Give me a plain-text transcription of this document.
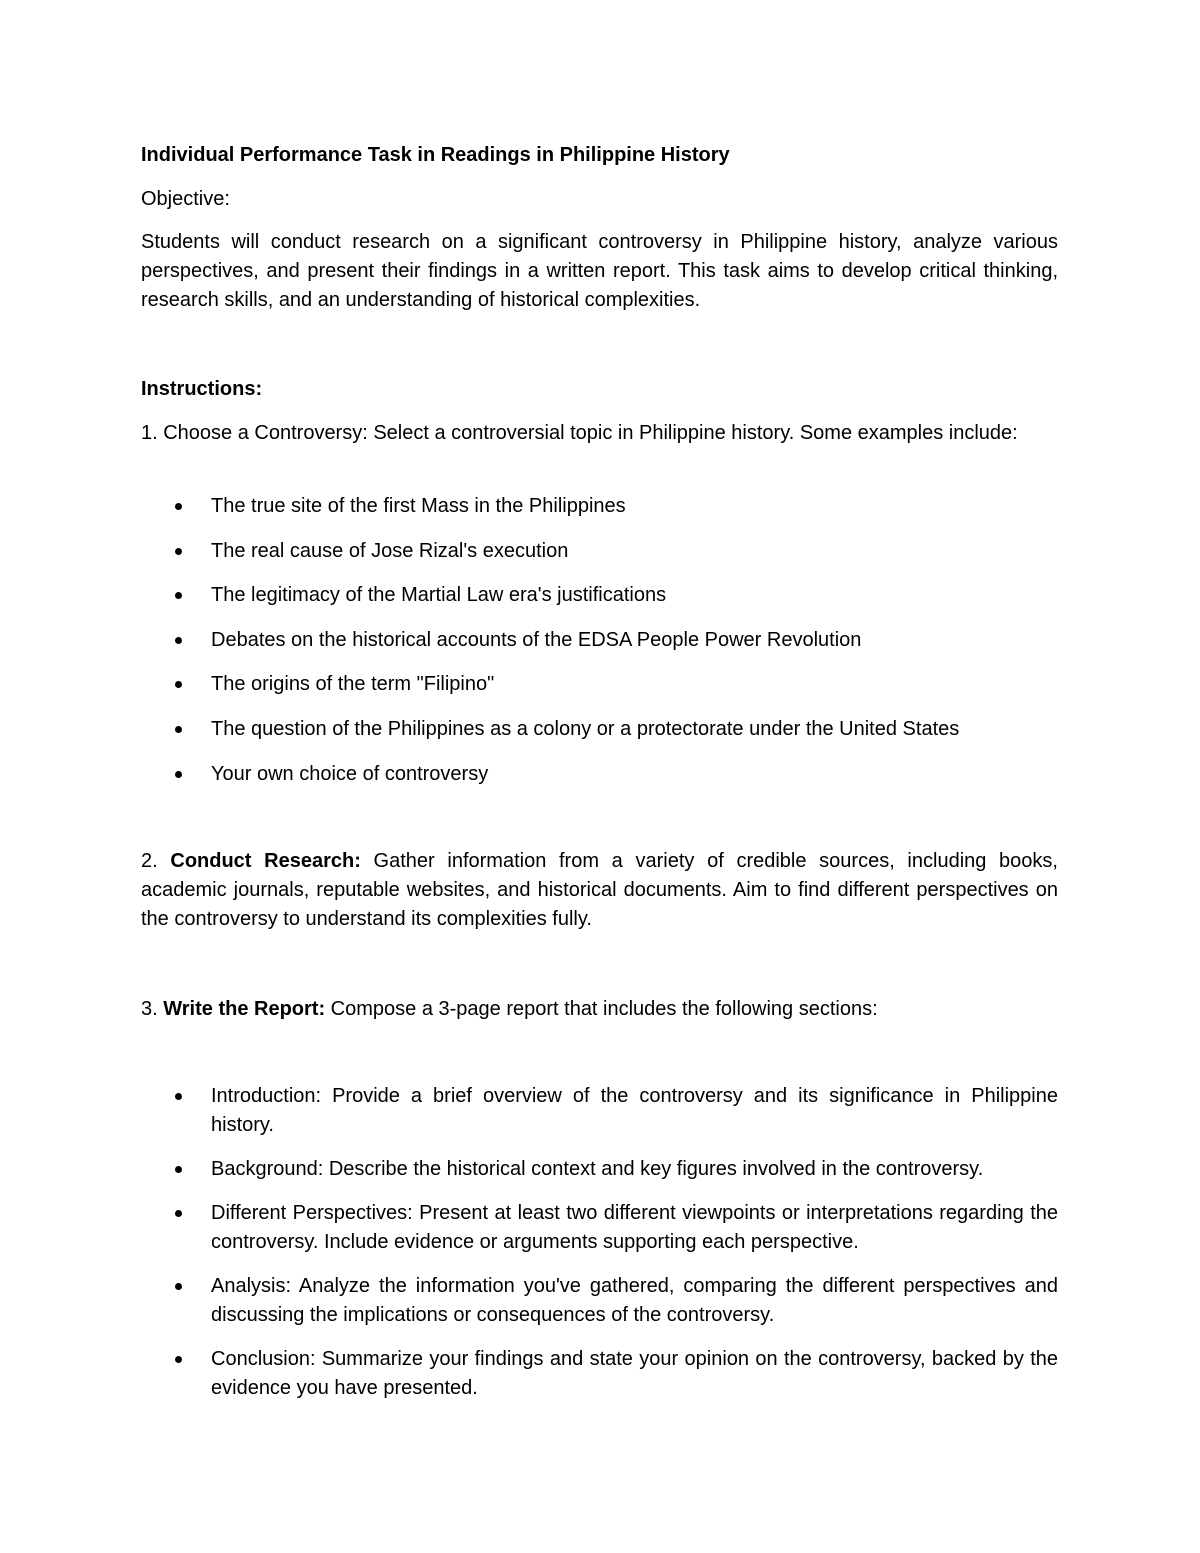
Individual Performance Task in Readings in Philippine History

Objective:

Students will conduct research on a significant controversy in Philippine history, analyze various perspectives, and present their findings in a written report. This task aims to develop critical thinking, research skills, and an understanding of historical complexities.

Instructions:

1. Choose a Controversy: Select a controversial topic in Philippine history. Some examples include:

The true site of the first Mass in the Philippines
The real cause of Jose Rizal's execution
The legitimacy of the Martial Law era's justifications
Debates on the historical accounts of the EDSA People Power Revolution
The origins of the term "Filipino"
The question of the Philippines as a colony or a protectorate under the United States
Your own choice of controversy

2. Conduct Research: Gather information from a variety of credible sources, including books, academic journals, reputable websites, and historical documents. Aim to find different perspectives on the controversy to understand its complexities fully.

3. Write the Report: Compose a 3-page report that includes the following sections:

Introduction: Provide a brief overview of the controversy and its significance in Philippine history.
Background: Describe the historical context and key figures involved in the controversy.
Different Perspectives: Present at least two different viewpoints or interpretations regarding the controversy. Include evidence or arguments supporting each perspective.
Analysis: Analyze the information you've gathered, comparing the different perspectives and discussing the implications or consequences of the controversy.
Conclusion: Summarize your findings and state your opinion on the controversy, backed by the evidence you have presented.
